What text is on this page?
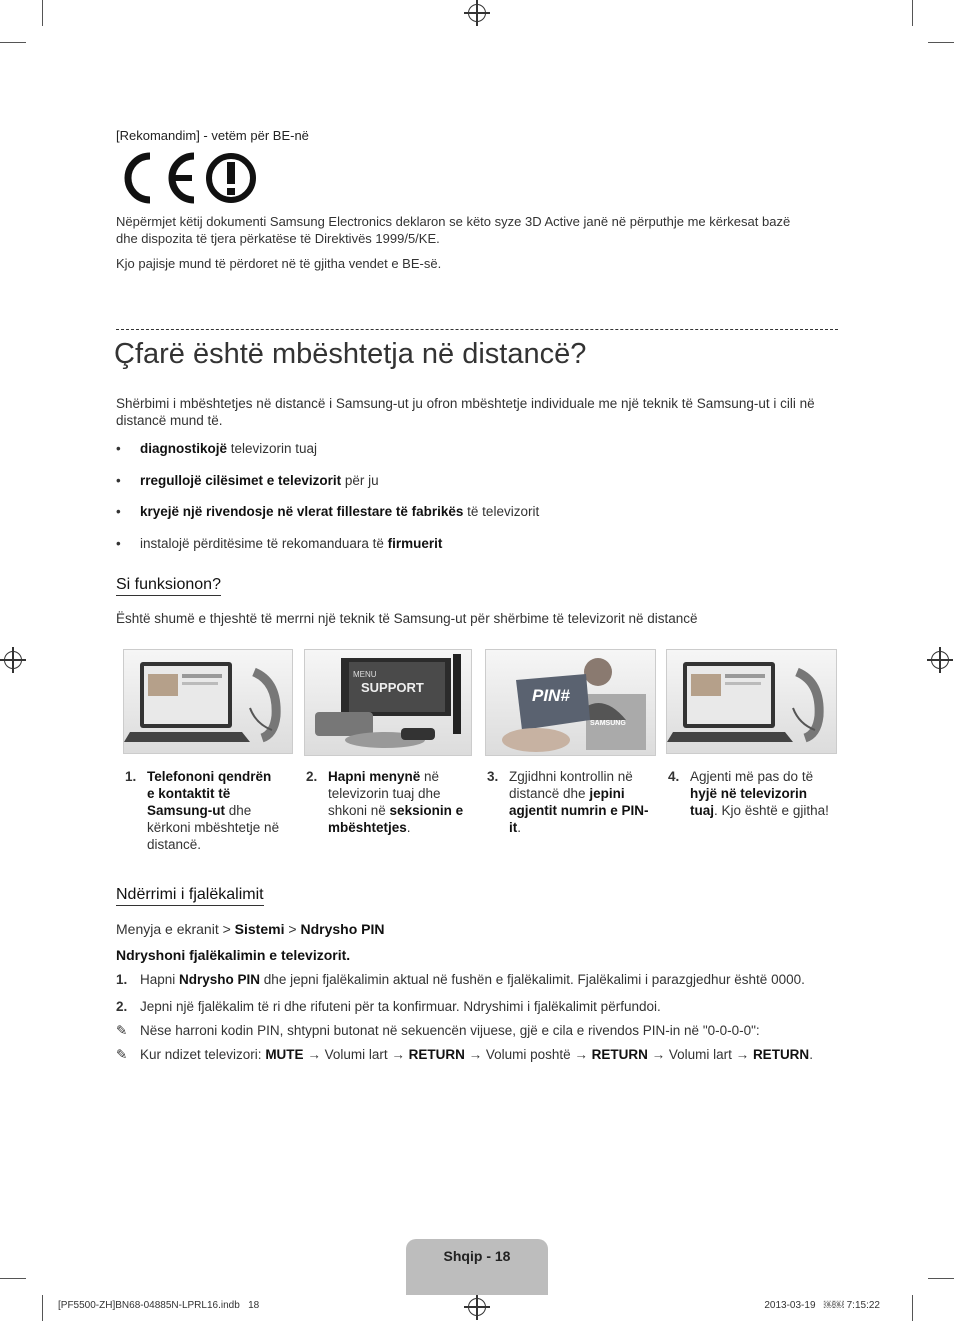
[Rekomandim] - vetëm për BE-në
Nëpërmjet këtij dokumenti Samsung Electronics deklaron se këto syze 3D Active janë në përputhje me kërkesat bazë
dhe dispozita të tjera përkatëse të Direktivës 1999/5/KE.
Kjo pajisje mund të përdoret në të gjitha vendet e BE-së.
Çfarë është mbështetja në distancë?
Shërbimi i mbështetjes në distancë i Samsung-ut ju ofron mbështetje individuale me një teknik të Samsung-ut i cili në
distancë mund të.
• diagnostikojë televizorin tuaj
• rregullojë cilësimet e televizorit për ju
• kryejë një rivendosje në vlerat fillestare të fabrikës të televizorit
• instalojë përditësime të rekomanduara të firmuerit
Si funksionon?
Është shumë e thjeshtë të merrni një teknik të Samsung-ut për shërbime të televizorit në distancë
MENU
SUPPORT	PIN#
SAMSUNG
1. Telefononi qendrën
e kontaktit të
Samsung-ut dhe
kërkoni mbështetje në
distancë.
2. Hapni menynë në
televizorin tuaj dhe
shkoni në seksionin e
mbështetjes.
3. Zgjidhni kontrollin në
distancë dhe jepini
agjentit numrin e PIN-
it.
4. Agjenti më pas do të
hyjë në televizorin
tuaj. Kjo është e gjitha!
Ndërrimi i fjalëkalimit
Menyja e ekranit > Sistemi > Ndrysho PIN
Ndryshoni fjalëkalimin e televizorit.
1. Hapni Ndrysho PIN dhe jepni fjalëkalimin aktual në fushën e fjalëkalimit. Fjalëkalimi i parazgjedhur është 0000.
2. Jepni një fjalëkalim të ri dhe rifuteni për ta konfirmuar. Ndryshimi i fjalëkalimit përfundoi.
✎ Nëse harroni kodin PIN, shtypni butonat në sekuencën vijuese, gjë e cila e rivendos PIN-in në "0-0-0-0":
✎ Kur ndizet televizori: MUTE → Volumi lart → RETURN → Volumi poshtë → RETURN → Volumi lart → RETURN.
Shqip - 18
[PF5500-ZH]BN68-04885N-LPRL16.indb   18	2013-03-19   ￼￼ 7:15:22
